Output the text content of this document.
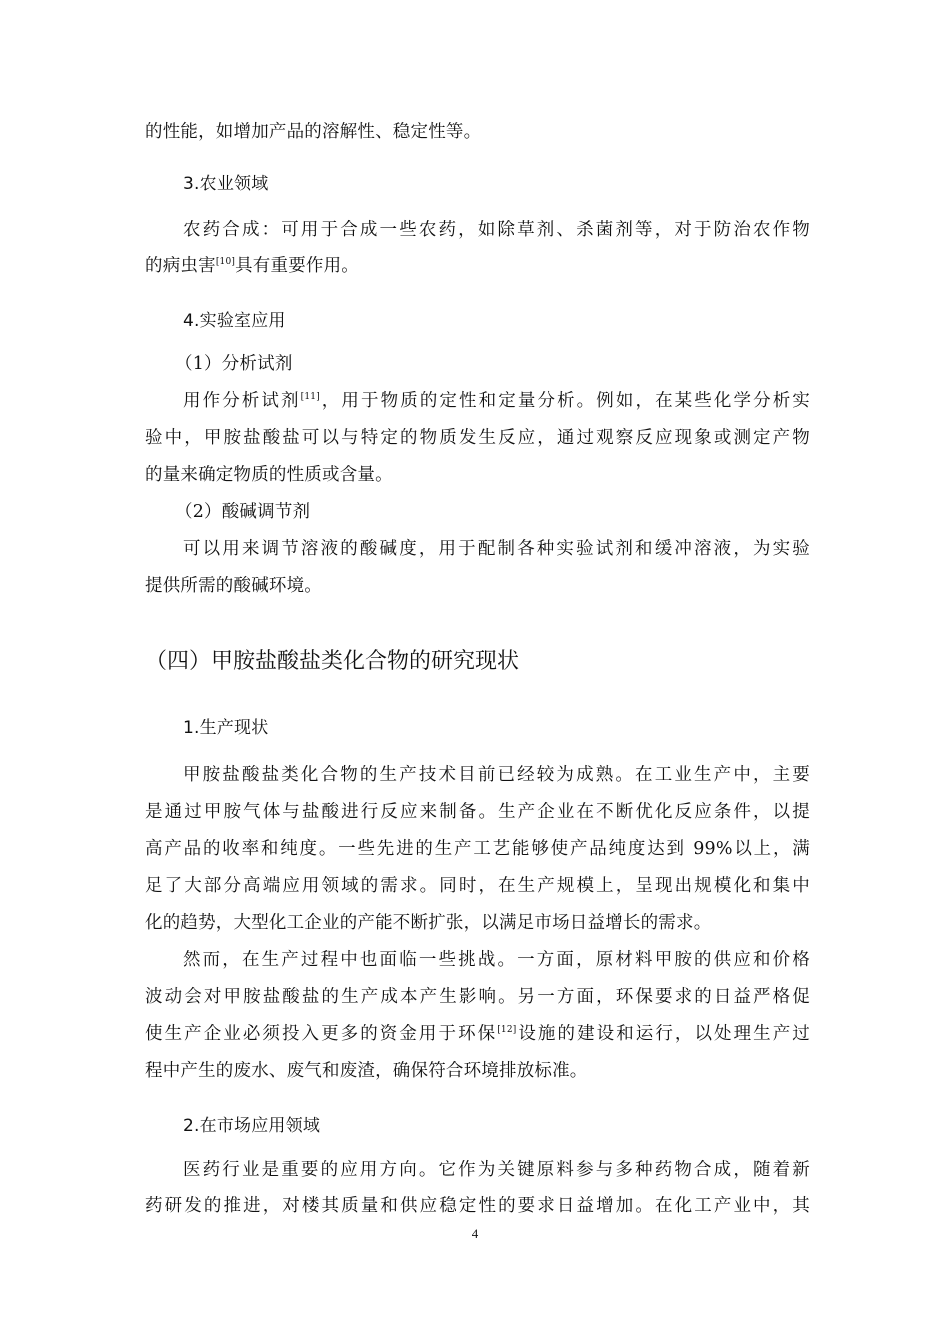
的性能，如增加产品的溶解性、稳定性等。
3.农业领域
农药合成：可用于合成一些农药，如除草剂、杀菌剂等，对于防治农作物
的病虫害[10]具有重要作用。
4.实验室应用
（1）分析试剂
用作分析试剂[11]，用于物质的定性和定量分析。例如，在某些化学分析实
验中，甲胺盐酸盐可以与特定的物质发生反应，通过观察反应现象或测定产物
的量来确定物质的性质或含量。
（2）酸碱调节剂
可以用来调节溶液的酸碱度，用于配制各种实验试剂和缓冲溶液，为实验
提供所需的酸碱环境。
（四）甲胺盐酸盐类化合物的研究现状
1.生产现状
甲胺盐酸盐类化合物的生产技术目前已经较为成熟。在工业生产中，主要
是通过甲胺气体与盐酸进行反应来制备。生产企业在不断优化反应条件，以提
高产品的收率和纯度。一些先进的生产工艺能够使产品纯度达到 99%以上，满
足了大部分高端应用领域的需求。同时，在生产规模上，呈现出规模化和集中
化的趋势，大型化工企业的产能不断扩张，以满足市场日益增长的需求。
然而，在生产过程中也面临一些挑战。一方面，原材料甲胺的供应和价格
波动会对甲胺盐酸盐的生产成本产生影响。另一方面，环保要求的日益严格促
使生产企业必须投入更多的资金用于环保[12]设施的建设和运行，以处理生产过
程中产生的废水、废气和废渣，确保符合环境排放标准。
2.在市场应用领域
医药行业是重要的应用方向。它作为关键原料参与多种药物合成，随着新
药研发的推进，对楼其质量和供应稳定性的要求日益增加。在化工产业中，其
4
